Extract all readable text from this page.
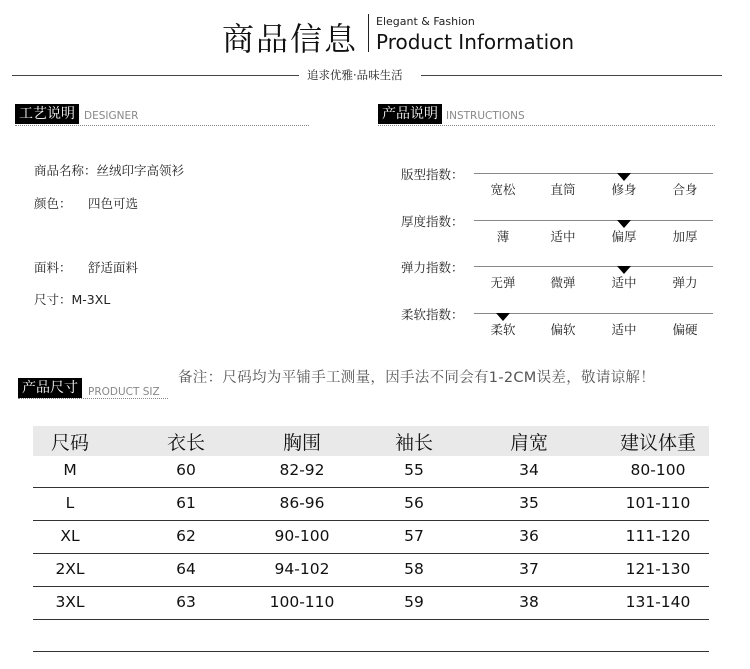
商品信息 Elegant & Fashion
Product Information
追求优雅·品味生活
工艺说明 DESIGNER
商品名称：丝绒印字高领衫
颜色： 四色可选
面料： 舒适面料
尺寸：M-3XL
产品说明 INSTRUCTIONS
版型指数：
宽松	直筒	修身	合身
厚度指数：
薄	适中	偏厚	加厚
弹力指数：
无弹	微弹	适中	弹力
柔软指数：
柔软	偏软	适中	偏硬
备注：尺码均为平铺手工测量，因手法不同会有1-2CM误差，敬请谅解！
产品尺寸 PRODUCT SIZ
尺码	衣长	胸围	袖长	肩宽	建议体重
M	60	82-92	55	34	80-100
L	61	86-96	56	35	101-110
XL	62	90-100	57	36	111-120
2XL	64	94-102	58	37	121-130
3XL	63	100-110	59	38	131-140
